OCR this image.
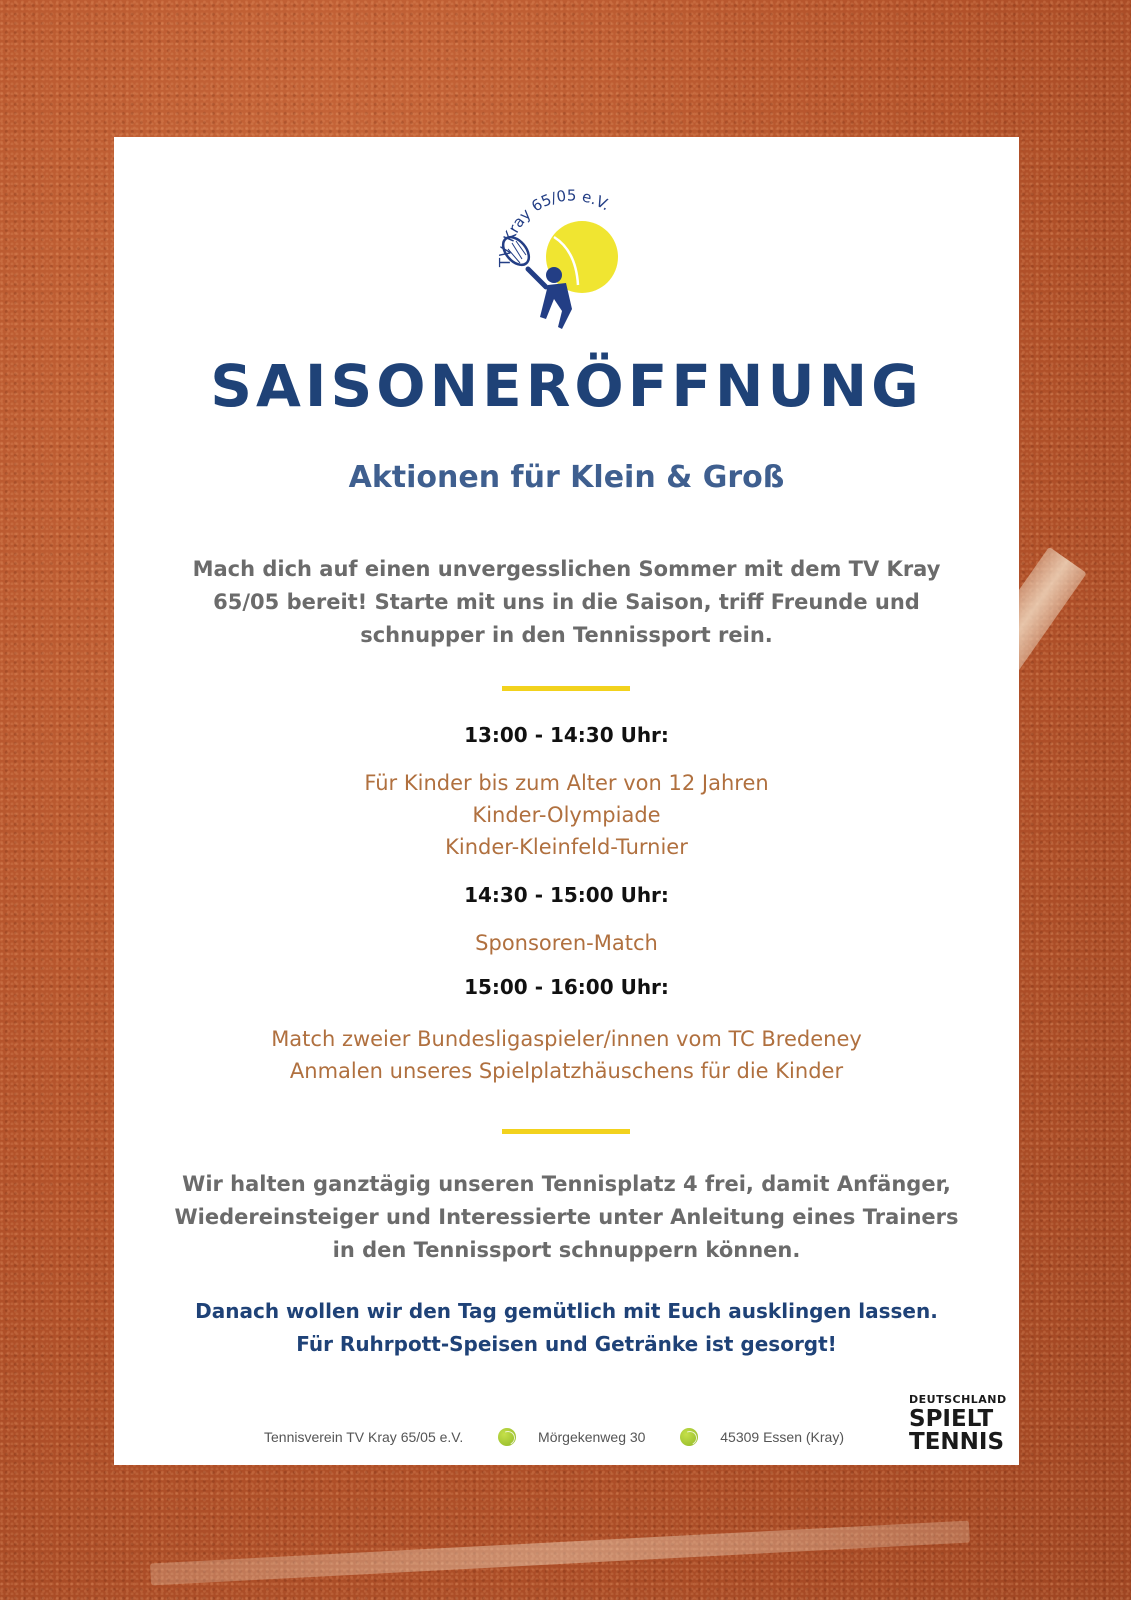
TV Kray 65/05 e.V.
SAISONERÖFFNUNG
Aktionen für Klein & Groß
Mach dich auf einen unvergesslichen Sommer mit dem TV Kray 65/05 bereit! Starte mit uns in die Saison, triff Freunde und schnupper in den Tennissport rein.
13:00 - 14:30 Uhr:
Für Kinder bis zum Alter von 12 Jahren
Kinder-Olympiade
Kinder-Kleinfeld-Turnier
14:30 - 15:00 Uhr:
Sponsoren-Match
15:00 - 16:00 Uhr:
Match zweier Bundesligaspieler/innen vom TC Bredeney
Anmalen unseres Spielplatzhäuschens für die Kinder
Wir halten ganztägig unseren Tennisplatz 4 frei, damit Anfänger, Wiedereinsteiger und Interessierte unter Anleitung eines Trainers in den Tennissport schnuppern können.
Danach wollen wir den Tag gemütlich mit Euch ausklingen lassen. Für Ruhrpott-Speisen und Getränke ist gesorgt!
Tennisverein TV Kray 65/05 e.V.	Mörgekenweg 30	45309 Essen (Kray)
DEUTSCHLAND
SPIELT
TENNIS
